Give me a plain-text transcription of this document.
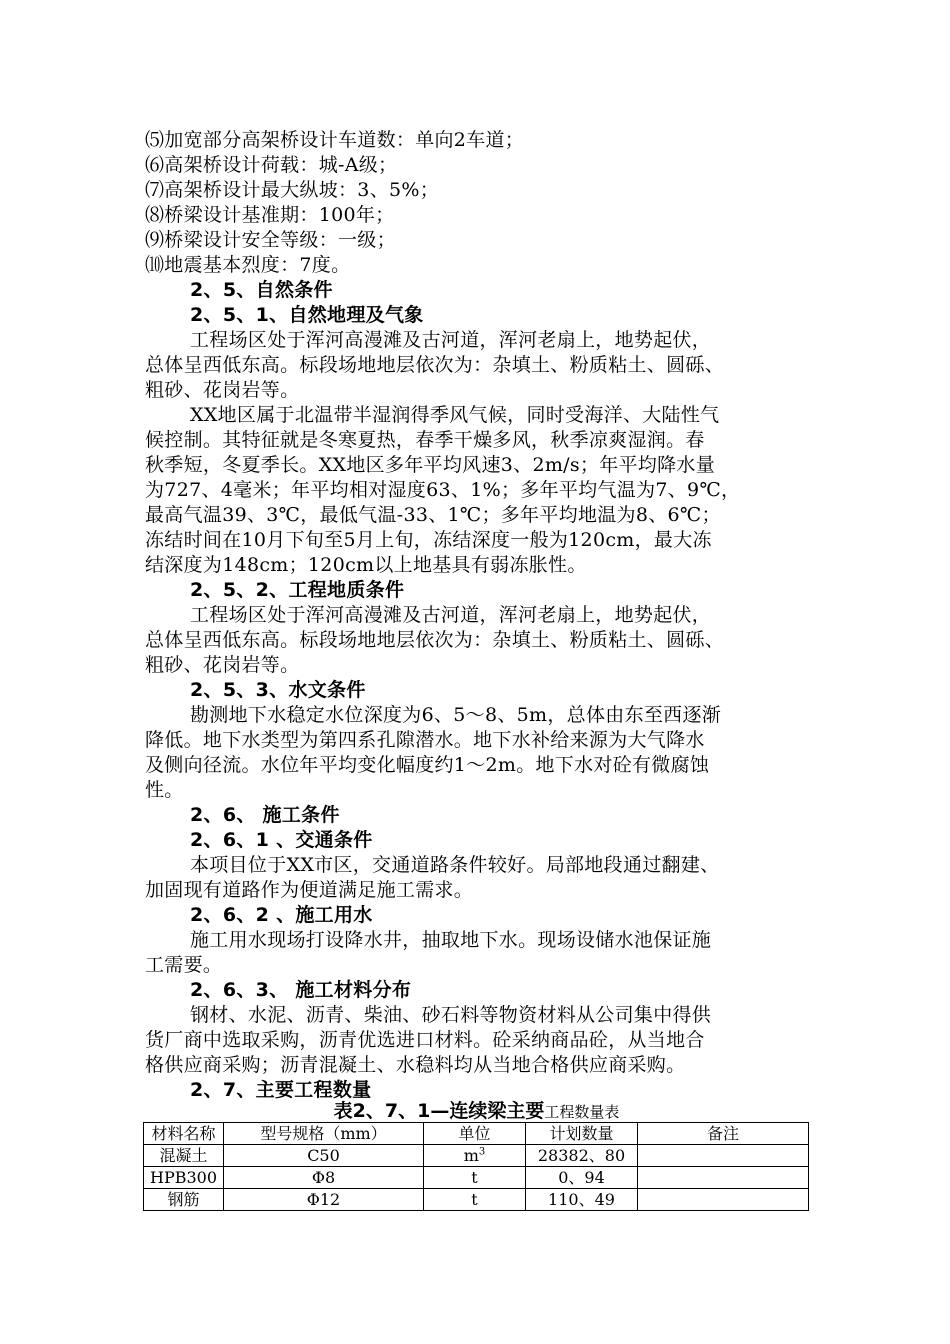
⑸加宽部分高架桥设计车道数：单向2车道；
⑹高架桥设计荷载：城-A级；
⑺高架桥设计最大纵坡：3、5%；
⑻桥梁设计基准期：100年；
⑼桥梁设计安全等级：一级；
⑽地震基本烈度：7度。
2、5、自然条件
2、5、1、自然地理及气象
工程场区处于浑河高漫滩及古河道，浑河老扇上，地势起伏，
总体呈西低东高。标段场地地层依次为：杂填土、粉质粘土、圆砾、
粗砂、花岗岩等。
XX地区属于北温带半湿润得季风气候，同时受海洋、大陆性气
候控制。其特征就是冬寒夏热，春季干燥多风，秋季凉爽湿润。春
秋季短，冬夏季长。XX地区多年平均风速3、2m/s；年平均降水量
为727、4毫米；年平均相对湿度63、1%；多年平均气温为7、9℃，
最高气温39、3℃，最低气温-33、1℃；多年平均地温为8、6℃；
冻结时间在10月下旬至5月上旬，冻结深度一般为120cm，最大冻
结深度为148cm；120cm以上地基具有弱冻胀性。
2、5、2、工程地质条件
工程场区处于浑河高漫滩及古河道，浑河老扇上，地势起伏，
总体呈西低东高。标段场地地层依次为：杂填土、粉质粘土、圆砾、
粗砂、花岗岩等。
2、5、3、水文条件
勘测地下水稳定水位深度为6、5～8、5m，总体由东至西逐渐
降低。地下水类型为第四系孔隙潜水。地下水补给来源为大气降水
及侧向径流。水位年平均变化幅度约1～2m。地下水对砼有微腐蚀
性。
2、6、 施工条件
2、6、1 、交通条件
本项目位于XX市区，交通道路条件较好。局部地段通过翻建、
加固现有道路作为便道满足施工需求。
2、6、2 、施工用水
施工用水现场打设降水井，抽取地下水。现场设储水池保证施
工需要。
2、6、3、 施工材料分布
钢材、水泥、沥青、柴油、砂石料等物资材料从公司集中得供
货厂商中选取采购，沥青优选进口材料。砼采纳商品砼，从当地合
格供应商采购；沥青混凝土、水稳料均从当地合格供应商采购。
2、7、主要工程数量
表2、7、1—连续梁主要工程数量表
材料名称	型号规格（mm）	单位	计划数量	备注
混凝土	C50	$m^3$	28382、80	
HPB300	Φ8	t	0、94	
钢筋	Φ12	t	110、49	
